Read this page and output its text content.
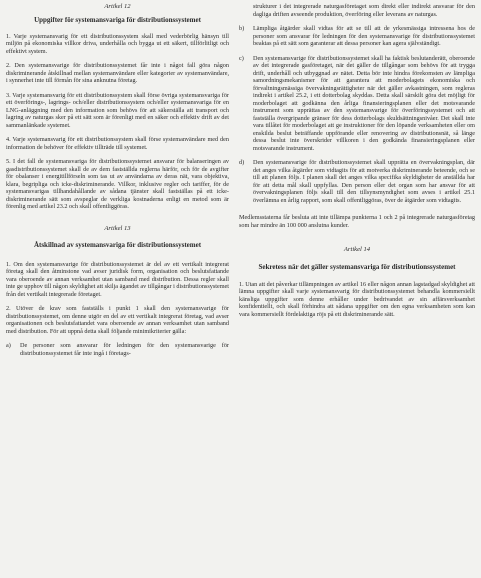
Artikel 12
Uppgifter för systemansvariga för distributionssystemet

1. Varje systemansvarig för ett distributionssystem skall med vederbörlig hänsyn till miljön på ekonomiska villkor driva, underhålla och bygga ut ett säkert, tillförlitligt och effektivt system.

2. Den systemansvarige för distributionssystemet får inte i något fall göra någon diskriminerande åtskillnad mellan systemanvändare eller kategorier av systemanvändare, i synnerhet inte till förmån för sina anknutna företag.

3. Varje systemansvarig för ett distributionssystem skall förse övriga systemansvariga för ett överförings-, lagrings- och/eller distributionssystem och/eller systemansvariga för en LNG-anläggning med den information som behövs för att säkerställa att transport och lagring av naturgas sker på ett sätt som är förenligt med en säker och effektiv drift av det sammanlänkade systemet.

4. Varje systemansvarig för ett distributionssystem skall förse systemanvändare med den information de behöver för effektiv tillträde till systemet.

5. I det fall de systemansvariga för distributionssystemet ansvarar för balanseringen av gasdistributionssystemet skall de av dem fastställda reglerna härför, och för de avgifter för obalanser i energitillförseln som tas ut av användarna av deras nät, vara objektiva, klara, begripliga och icke-diskriminerande. Villkor, inklusive regler och tariffer, för de systemansvarigas tillhandahållande av sådana tjänster skall fastställas på ett icke-diskriminerande sätt som avspeglar de verkliga kostnaderna enligt en metod som är förenlig med artikel 23.2 och skall offentliggöras.

Artikel 13
Åtskillnad av systemansvariga för distributionssystemet

1. Om den systemansvarige för distributionssystemet är del av ett vertikalt integrerat företag skall den åtminstone vad avser juridisk form, organisation och beslutsfattande vara oberoende av annan verksamhet utan samband med distribution. Dessa regler skall inte ge upphov till någon skyldighet att skilja ägandet av tillgångar i distributionssystemet från det vertikalt integrerade företaget.

2. Utöver de krav som fastställs i punkt 1 skall den systemansvarige för distributionssystemet, om denne utgör en del av ett vertikalt integrerat företag, vad avser organisationen och beslutsfattandet vara oberoende av annan verksamhet utan samband med distribution. För att uppnå detta skall följande minimikriterier gälla:

a)	De personer som ansvarar för ledningen för den systemansvarige för distributionssystemet får inte ingå i företags-
strukturer i det integrerade naturgasföretaget som direkt eller indirekt ansvarar för den dagliga driften avseende produktion, överföring eller leverans av naturgas.
b)	Lämpliga åtgärder skall vidtas för att se till att de yrkesmässiga intressena hos de personer som ansvarar för ledningen för den systemansvarige för distributionssystemet beaktas på ett sätt som garanterar att dessa personer kan agera självständigt.
c)	Den systemansvarige för distributionssystemet skall ha faktisk beslutanderätt, oberoende av det integrerade gasföretaget, när det gäller de tillgångar som behövs för att trygga drift, underhåll och utbyggnad av nätet. Detta bör inte hindra förekomsten av lämpliga samordningsmekanismer för att garantera att moderbolagets ekonomiska och förvaltningsmässiga övervakningsrättigheter när det gäller avkastningen, som regleras indirekt i artikel 25.2, i ett dotterbolag skyddas. Detta skall särskilt göra det möjligt för moderbolaget att godkänna den årliga finansieringsplanen eller det motsvarande instrument som upprättas av den systemansvarige för överföringssystemet och att fastställa övergripande gränser för dess dotterbolags skuldsättningsnivåer. Det skall inte vara tillåtet för moderbolaget att ge instruktioner för den löpande verksamheten eller om enskilda beslut beträffande uppförande eller renovering av distributionsnät, så länge dessa beslut inte överskrider villkoren i den godkända finansieringsplanen eller motsvarande instrument.
d)	Den systemansvarige för distributionssystemet skall upprätta en övervakningsplan, där det anges vilka åtgärder som vidtagits för att motverka diskriminerande beteende, och se till att planen följs. I planen skall det anges vilka specifika skyldigheter de anställda har för att detta mål skall uppfyllas. Den person eller det organ som har ansvar för att övervakningsplanen följs skall till den tillsynsmyndighet som avses i artikel 25.1 överlämna en årlig rapport, som skall offentliggöras, över de åtgärder som vidtagits.

Medlemsstaterna får besluta att inte tillämpa punkterna 1 och 2 på integrerade naturgasföretag som har mindre än 100 000 anslutna kunder.

Artikel 14
Sekretess när det gäller systemansvariga för distributionssystemet

1. Utan att det påverkar tillämpningen av artikel 16 eller någon annan lagstadgad skyldighet att lämna uppgifter skall varje systemansvarig för distributionssystemet behandla kommersiellt känsliga uppgifter som denne erhåller under bedrivandet av sin affärsverksamhet konfidentiellt, och skall förhindra att sådana uppgifter om den egna verksamheten som kan vara kommersiellt fördelaktiga röjs på ett diskriminerande sätt.
